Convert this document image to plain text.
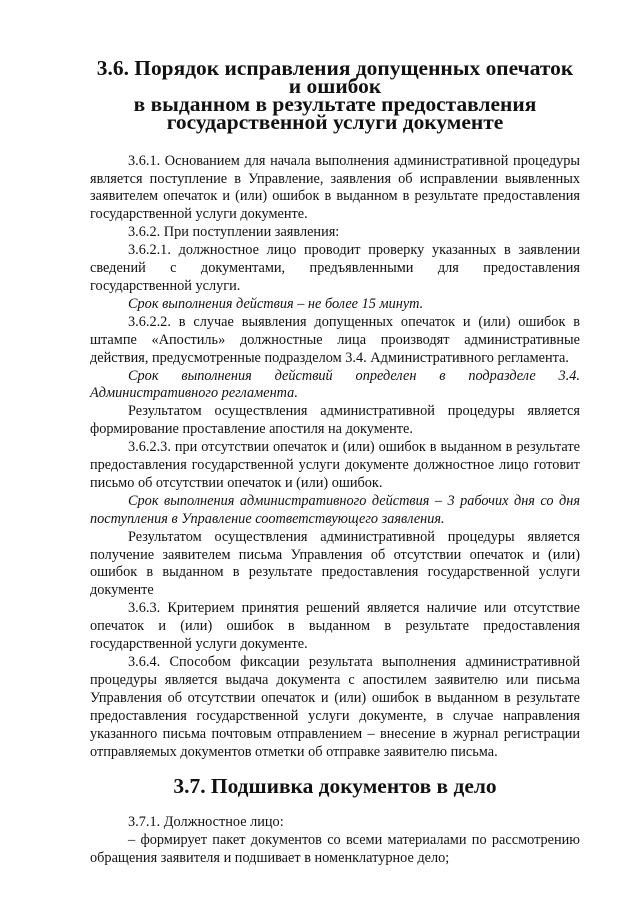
3.6. Порядок исправления допущенных опечаток и ошибок
в выданном в результате предоставления
государственной услуги документе

3.6.1. Основанием для начала выполнения административной процедуры является поступление в Управление, заявления об исправлении выявленных заявителем опечаток и (или) ошибок в выданном в результате предоставления государственной услуги документе.

3.6.2. При поступлении заявления:

3.6.2.1. должностное лицо проводит проверку указанных в заявлении сведений с документами, предъявленными для предоставления государственной услуги.

Срок выполнения действия – не более 15 минут.

3.6.2.2. в случае выявления допущенных опечаток и (или) ошибок в штампе «Апостиль» должностные лица производят административные действия, предусмотренные подразделом 3.4. Административного регламента.

Срок выполнения действий определен в подразделе 3.4. Административного регламента.

Результатом осуществления административной процедуры является формирование проставление апостиля на документе.

3.6.2.3. при отсутствии опечаток и (или) ошибок в выданном в результате предоставления государственной услуги документе должностное лицо готовит письмо об отсутствии опечаток и (или) ошибок.

Срок выполнения административного действия – 3 рабочих дня со дня поступления в Управление соответствующего заявления.

Результатом осуществления административной процедуры является получение заявителем письма Управления об отсутствии опечаток и (или) ошибок в выданном в результате предоставления государственной услуги документе

3.6.3. Критерием принятия решений является наличие или отсутствие опечаток и (или) ошибок в выданном в результате предоставления государственной услуги документе.

3.6.4. Способом фиксации результата выполнения административной процедуры является выдача документа с апостилем заявителю или письма Управления об отсутствии опечаток и (или) ошибок в выданном в результате предоставления государственной услуги документе, в случае направления указанного письма почтовым отправлением – внесение в журнал регистрации отправляемых документов отметки об отправке заявителю письма.

3.7. Подшивка документов в дело

3.7.1. Должностное лицо:

– формирует пакет документов со всеми материалами по рассмотрению обращения заявителя и подшивает в номенклатурное дело;
